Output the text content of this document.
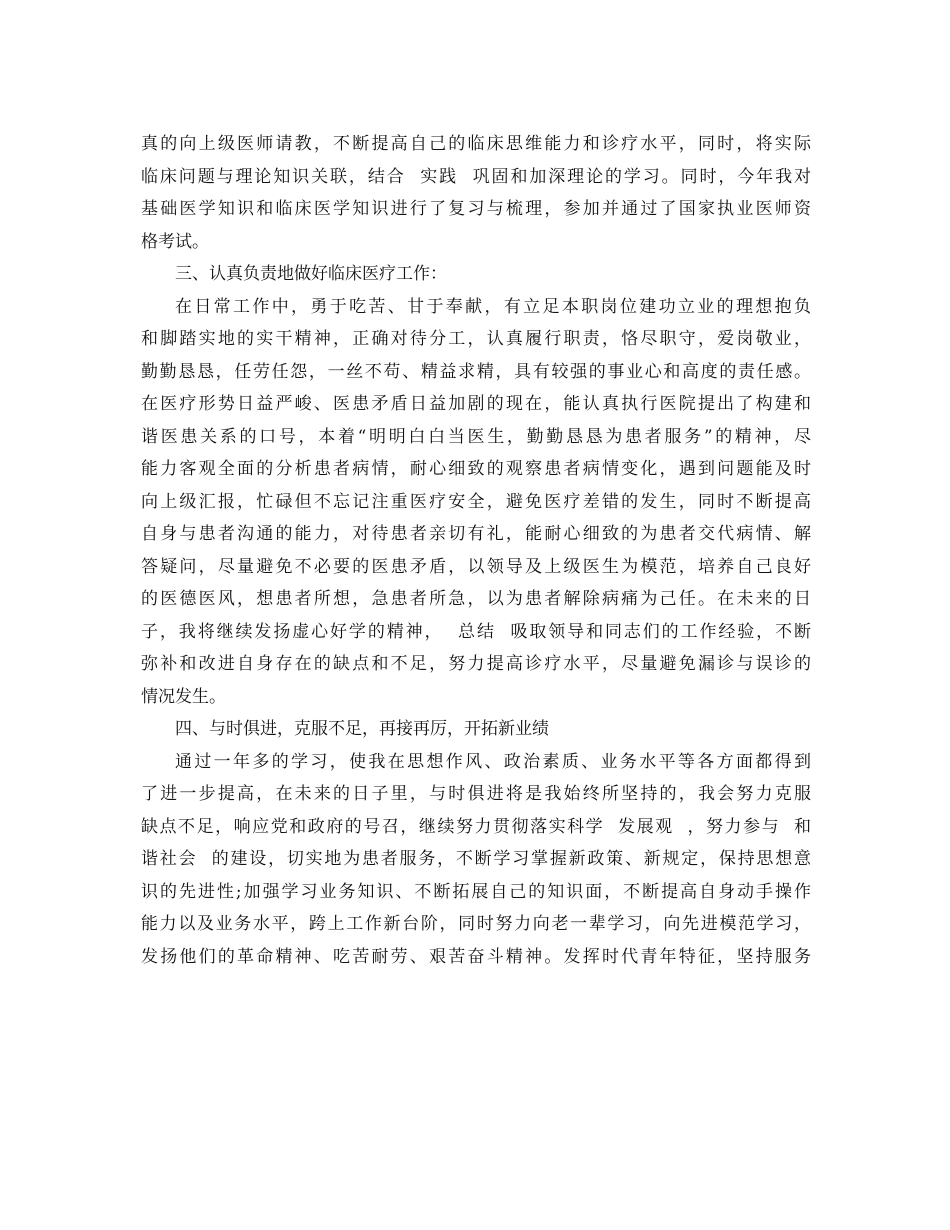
真的向上级医师请教，不断提高自己的临床思维能力和诊疗水平，同时，将实际
临床问题与理论知识关联，结合  实践  巩固和加深理论的学习。同时，今年我对
基础医学知识和临床医学知识进行了复习与梳理，参加并通过了国家执业医师资
格考试。
三、认真负责地做好临床医疗工作：
在日常工作中，勇于吃苦、甘于奉献，有立足本职岗位建功立业的理想抱负
和脚踏实地的实干精神，正确对待分工，认真履行职责，恪尽职守，爱岗敬业，
勤勤恳恳，任劳任怨，一丝不苟、精益求精，具有较强的事业心和高度的责任感。
在医疗形势日益严峻、医患矛盾日益加剧的现在，能认真执行医院提出了构建和
谐医患关系的口号，本着“明明白白当医生，勤勤恳恳为患者服务”的精神，尽
能力客观全面的分析患者病情，耐心细致的观察患者病情变化，遇到问题能及时
向上级汇报，忙碌但不忘记注重医疗安全，避免医疗差错的发生，同时不断提高
自身与患者沟通的能力，对待患者亲切有礼，能耐心细致的为患者交代病情、解
答疑问，尽量避免不必要的医患矛盾，以领导及上级医生为模范，培养自己良好
的医德医风，想患者所想，急患者所急，以为患者解除病痛为己任。在未来的日
子，我将继续发扬虚心好学的精神，  总结  吸取领导和同志们的工作经验，不断
弥补和改进自身存在的缺点和不足，努力提高诊疗水平，尽量避免漏诊与误诊的
情况发生。
四、与时俱进，克服不足，再接再厉，开拓新业绩
通过一年多的学习，使我在思想作风、政治素质、业务水平等各方面都得到
了进一步提高，在未来的日子里，与时俱进将是我始终所坚持的，我会努力克服
缺点不足，响应党和政府的号召，继续努力贯彻落实科学  发展观  ，努力参与  和
谐社会  的建设，切实地为患者服务，不断学习掌握新政策、新规定，保持思想意
识的先进性;加强学习业务知识、不断拓展自己的知识面，不断提高自身动手操作
能力以及业务水平，跨上工作新台阶，同时努力向老一辈学习，向先进模范学习，
发扬他们的革命精神、吃苦耐劳、艰苦奋斗精神。发挥时代青年特征，坚持服务
